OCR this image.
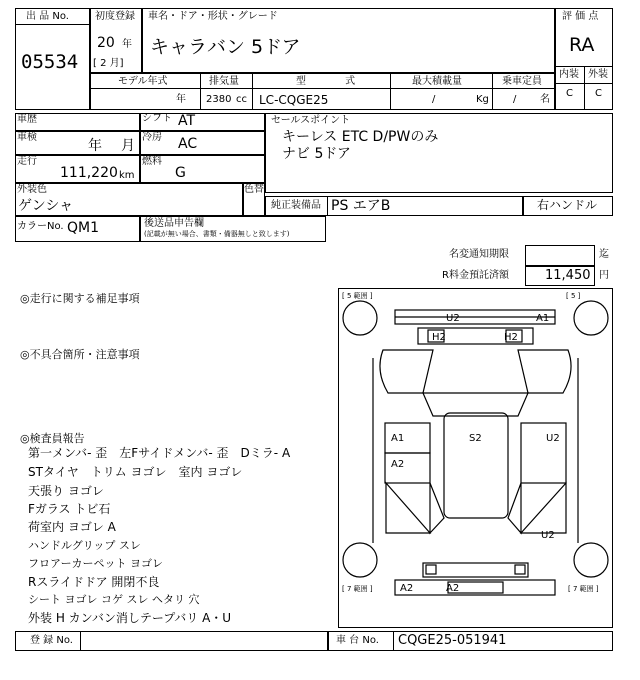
出 品 No.
05534
初度登録
20 年
[ 2 月]
車名・ドア・形状・グレード
キャラバン 5ドア
評 価 点
RA
内装 外装
C C
モデル年式
年
排気量
2380 cc
型 式
LC-CQGE25
最大積載量
/	Kg
乗車定員
/ 名
車歴	シフト AT
車検
年 月
冷房 AC
走行
111,220 km
燃料
G
セールスポイント
キーレス ETC D/PWのみ
ナビ 5ドア
外装色
ゲンシャ
色替
純正装備品 PS エアB	右ハンドル
カラーNo. QM1	後送品申告欄
(記載が無い場合、書類・備器無しと致します)
名変通知期限	迄
R料金預託済額	11,450 円
◎走行に関する補足事項
◎不具合箇所・注意事項
◎検査員報告
第一メンバ- 歪　左Fサイドメンバ- 歪　Dミラ- A
STタイヤ　トリム ヨゴレ　室内 ヨゴレ
天張り ヨゴレ
Fガラス トビ石
荷室内 ヨゴレ A
ハンドルグリップ スレ
フロアーカーペット ヨゴレ
Rスライドドア 開閉不良
シート ヨゴレ コゲ スレ ヘタリ 穴
外装 H カンバン消しテープバリ A・U
[ 5 範囲 ]	[ 5 ]
[ 7 範囲 ]	[ 7 範囲 ]
U2	A1
H2	H2
A1
A2
S2	U2
U2
A2	A2
登 録 No.	車 台 No. CQGE25-051941
